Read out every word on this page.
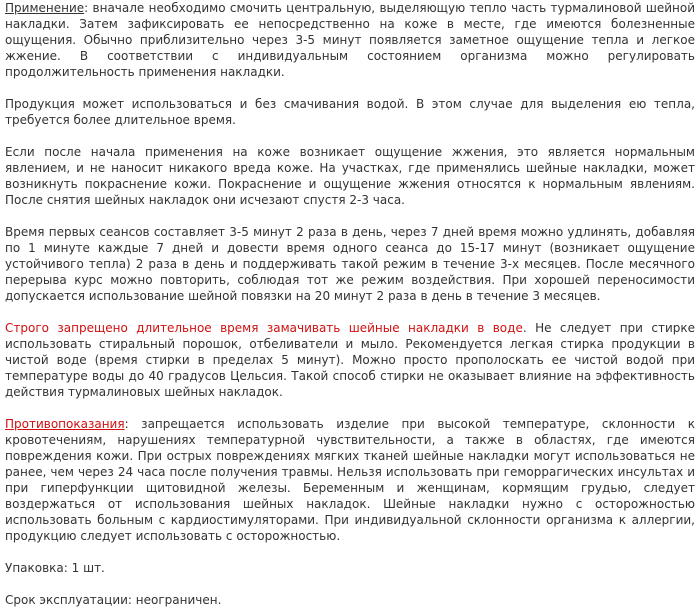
Применение: вначале необходимо смочить центральную, выделяющую тепло часть турмалиновой шейной накладки. Затем зафиксировать ее непосредственно на коже в месте, где имеются болезненные ощущения. Обычно приблизительно через 3-5 минут появляется заметное ощущение тепла и легкое жжение. В соответствии с индивидуальным состоянием организма можно регулировать продолжительность применения накладки.

Продукция может использоваться и без смачивания водой. В этом случае для выделения ею тепла, требуется более длительное время.

Если после начала применения на коже возникает ощущение жжения, это является нормальным явлением, и не наносит никакого вреда коже. На участках, где применялись шейные накладки, может возникнуть покраснение кожи. Покраснение и ощущение жжения относятся к нормальным явлениям. После снятия шейных накладок они исчезают спустя 2-3 часа.

Время первых сеансов составляет 3-5 минут 2 раза в день, через 7 дней время можно удлинять, добавляя по 1 минуте каждые 7 дней и довести время одного сеанса до 15-17 минут (возникает ощущение устойчивого тепла) 2 раза в день и поддерживать такой режим в течение 3-х месяцев. После месячного перерыва курс можно повторить, соблюдая тот же режим воздействия. При хорошей переносимости допускается использование шейной повязки на 20 минут 2 раза в день в течение 3 месяцев.

Строго запрещено длительное время замачивать шейные накладки в воде. Не следует при стирке использовать стиральный порошок, отбеливатели и мыло. Рекомендуется легкая стирка продукции в чистой воде (время стирки в пределах 5 минут). Можно просто прополоскать ее чистой водой при температуре воды до 40 градусов Цельсия. Такой способ стирки не оказывает влияние на эффективность действия турмалиновых шейных накладок.

Противопоказания: запрещается использовать изделие при высокой температуре, склонности к кровотечениям, нарушениях температурной чувствительности, а также в областях, где имеются повреждения кожи. При острых повреждениях мягких тканей шейные накладки могут использоваться не ранее, чем через 24 часа после получения травмы. Нельзя использовать при геморрагических инсультах и при гиперфункции щитовидной железы. Беременным и женщинам, кормящим грудью, следует воздержаться от использования шейных накладок. Шейные накладки нужно с осторожностью использовать больным с кардиостимуляторами. При индивидуальной склонности организма к аллергии, продукцию следует использовать с осторожностью.

Упаковка: 1 шт.

Срок эксплуатации: неограничен.
